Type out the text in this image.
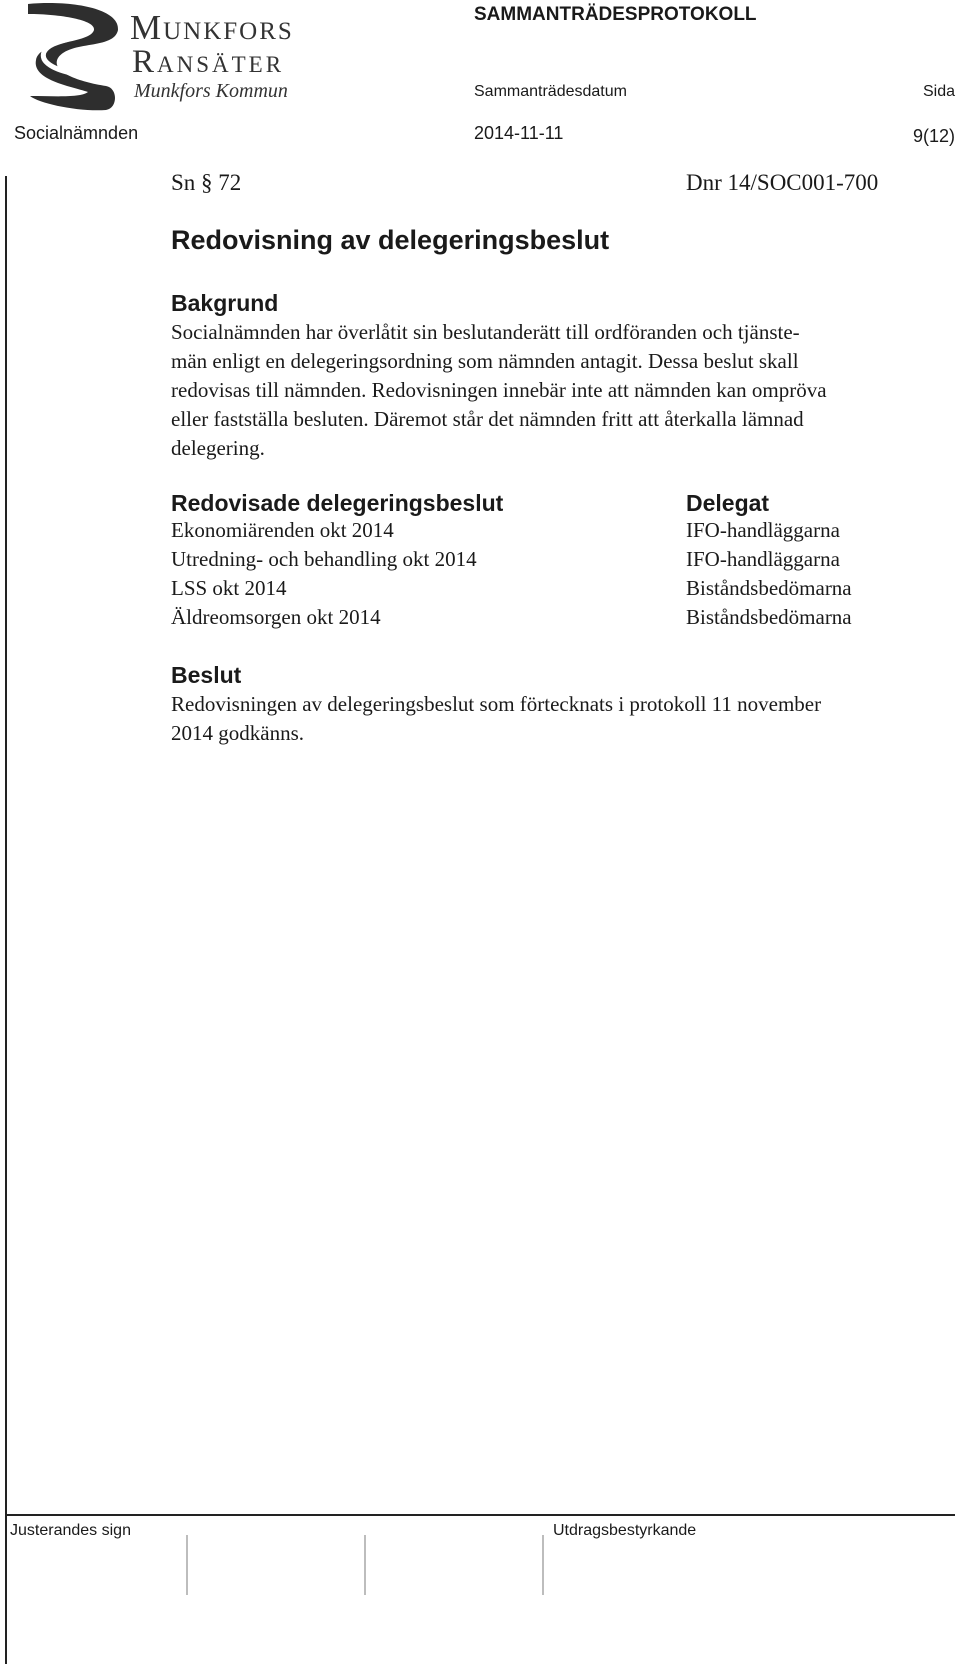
Munkfors
Ransäter
Munkfors Kommun
SAMMANTRÄDESPROTOKOLL
Sammanträdesdatum	Sida
Socialnämnden	2014-11-11	9(12)
Sn § 72	Dnr 14/SOC001-700
Redovisning av delegeringsbeslut
Bakgrund
Socialnämnden har överlåtit sin beslutanderätt till ordföranden och tjänste-
män enligt en delegeringsordning som nämnden antagit. Dessa beslut skall
redovisas till nämnden. Redovisningen innebär inte att nämnden kan ompröva
eller fastställa besluten. Däremot står det nämnden fritt att återkalla lämnad
delegering.
Redovisade delegeringsbeslut	Delegat
Ekonomiärenden okt 2014	IFO-handläggarna
Utredning- och behandling okt 2014	IFO-handläggarna
LSS okt 2014	Biståndsbedömarna
Äldreomsorgen okt 2014	Biståndsbedömarna
Beslut
Redovisningen av delegeringsbeslut som förtecknats i protokoll 11 november
2014 godkänns.
Justerandes sign	Utdragsbestyrkande
